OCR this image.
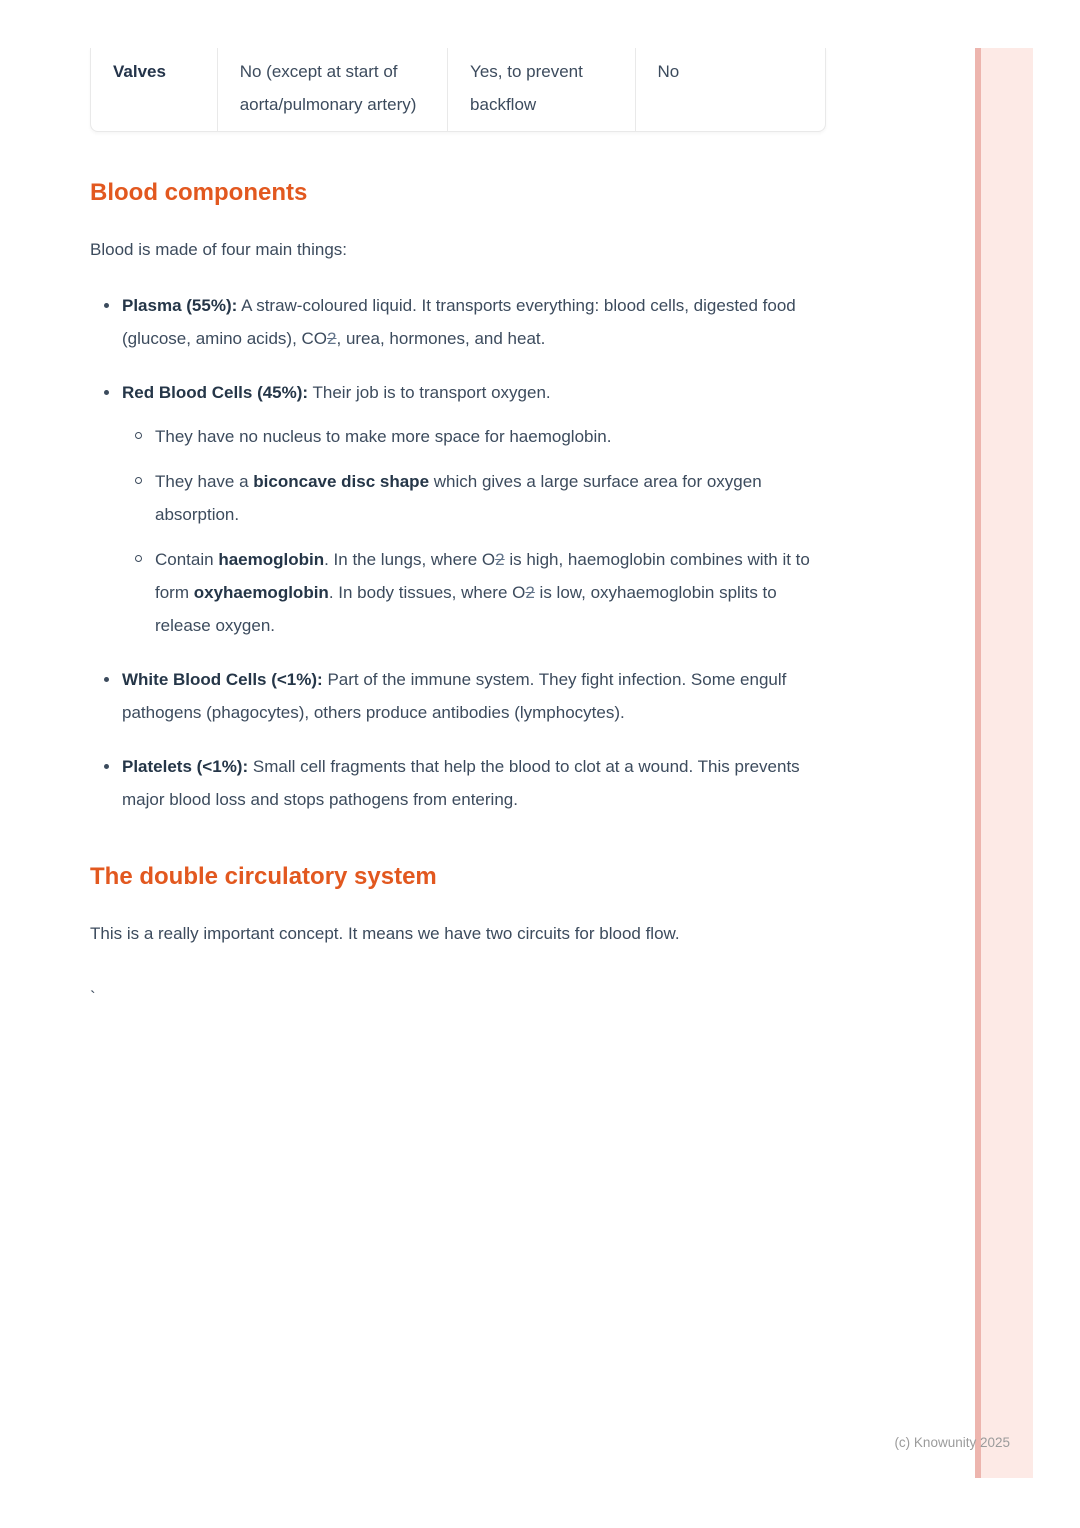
Valves	No (except at start of aorta/pulmonary artery)
Yes, to prevent backflow
No
Blood components

Blood is made of four main things:

Plasma (55%): A straw-coloured liquid. It transports everything: blood cells, digested food (glucose, amino acids), CO2, urea, hormones, and heat.
Red Blood Cells (45%): Their job is to transport oxygen.
They have no nucleus to make more space for haemoglobin.
They have a biconcave disc shape which gives a large surface area for oxygen absorption.
Contain haemoglobin. In the lungs, where O2 is high, haemoglobin combines with it to form oxyhaemoglobin. In body tissues, where O2 is low, oxyhaemoglobin splits to release oxygen.
White Blood Cells (<1%): Part of the immune system. They fight infection. Some engulf pathogens (phagocytes), others produce antibodies (lymphocytes).
Platelets (<1%): Small cell fragments that help the blood to clot at a wound. This prevents major blood loss and stops pathogens from entering.
The double circulatory system

This is a really important concept. It means we have two circuits for blood flow.

`

(c) Knowunity 2025
